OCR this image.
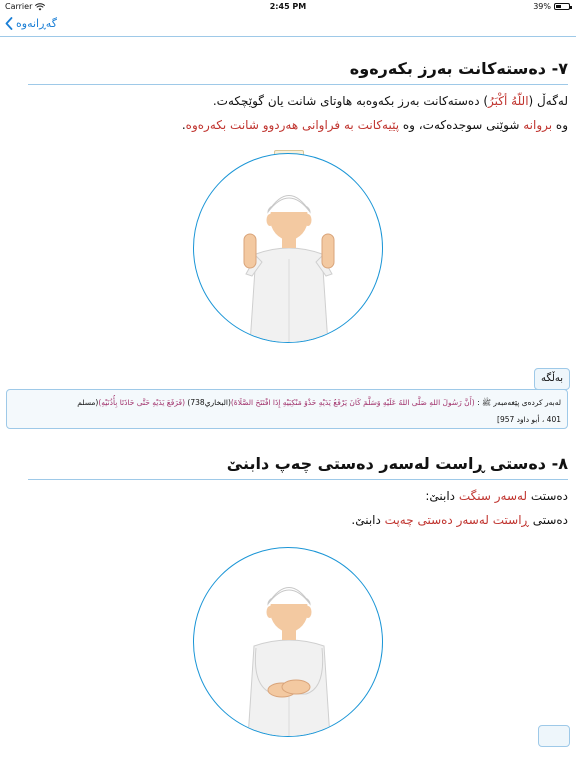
Carrier	2:45 PM	39%
گەڕانەوە
٧- دەستەکانت بەرز بکەرەوە
لەگەڵ (اللّهُ أكْبَرُ) دەستەکانت بەرز بکەوەبە هاوتای شانت یان گوێچکەت.
وە بروانە شوێنی سوجدەکەت، وە پێیەکانت بە فراوانی هەردوو شانت بکەرەوە.
بەڵگە
لەبەر کردەی پێغەمبەر ﷺ : (أَنَّ رَسُولَ اللهِ صَلَّى اللهُ عَلَيْهِ وَسَلَّمَ كَانَ يَرْفَعُ يَدَيْهِ حَذْوَ مَنْكِبَيْهِ إِذَا افْتَتَحَ الصَّلَاةَ)(البخاري738) (فَرَفَعَ يَدَيْهِ حَتَّى حَاذَتَا بِأُذُنَيْهِ)(مسلم
401 ، أبو داود 957]
٨- دەستی ڕاست لەسەر دەستی چەپ دابنێ
دەستت لەسەر سنگت دابنێ:
دەستی ڕاستت لەسەر دەستی چەپت دابنێ.
